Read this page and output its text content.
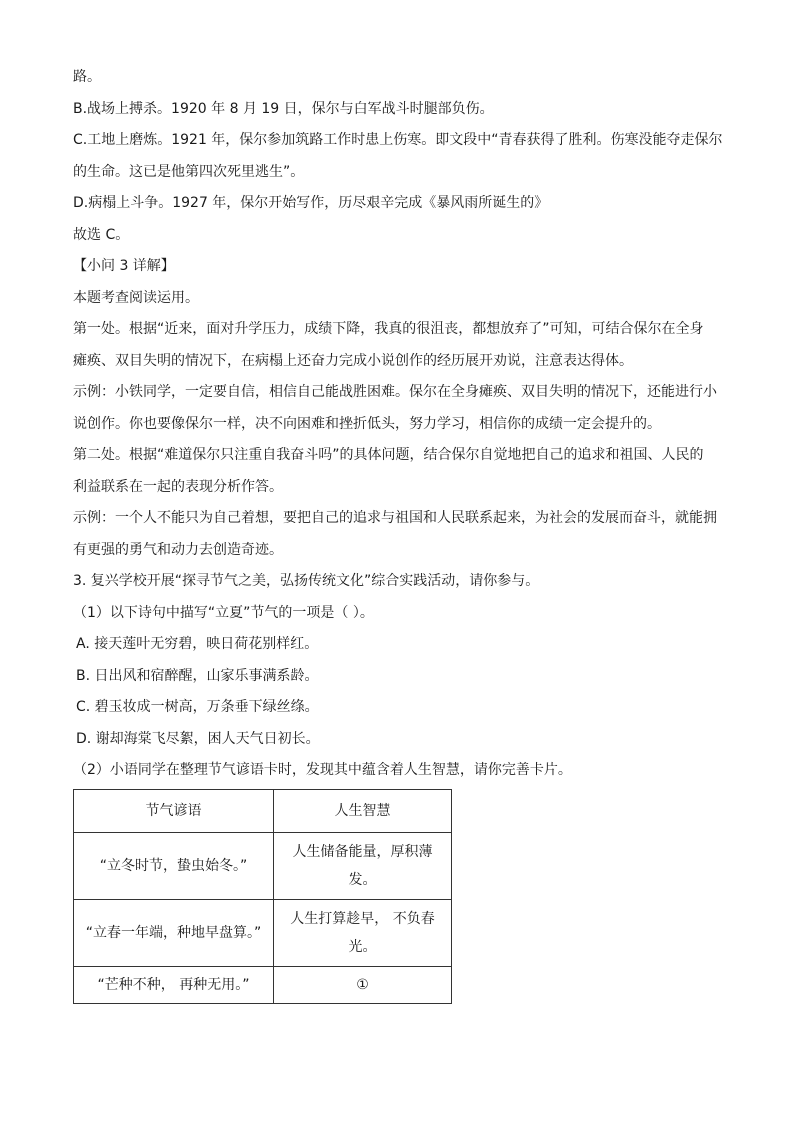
路。
B.战场上搏杀。1920 年 8 月 19 日，保尔与白军战斗时腿部负伤。
C.工地上磨炼。1921 年，保尔参加筑路工作时患上伤寒。即文段中“青春获得了胜利。伤寒没能夺走保尔
的生命。这已是他第四次死里逃生”。
D.病榻上斗争。1927 年，保尔开始写作，历尽艰辛完成《暴风雨所诞生的》
故选 C。
【小问 3 详解】
本题考查阅读运用。
第一处。根据“近来，面对升学压力，成绩下降，我真的很沮丧，都想放弃了”可知，可结合保尔在全身
瘫痪、双目失明的情况下，在病榻上还奋力完成小说创作的经历展开劝说，注意表达得体。
示例：小铁同学，一定要自信，相信自己能战胜困难。保尔在全身瘫痪、双目失明的情况下，还能进行小
说创作。你也要像保尔一样，决不向困难和挫折低头，努力学习，相信你的成绩一定会提升的。
第二处。根据“难道保尔只注重自我奋斗吗”的具体问题，结合保尔自觉地把自己的追求和祖国、人民的
利益联系在一起的表现分析作答。
示例：一个人不能只为自己着想，要把自己的追求与祖国和人民联系起来，为社会的发展而奋斗，就能拥
有更强的勇气和动力去创造奇迹。
3. 复兴学校开展“探寻节气之美，弘扬传统文化”综合实践活动，请你参与。
（1）以下诗句中描写“立夏”节气的一项是（ ）。
A. 接天莲叶无穷碧，映日荷花别样红。
B. 日出风和宿醉醒，山家乐事满系龄。
C. 碧玉妆成一树高，万条垂下绿丝绦。
D. 谢却海棠飞尽絮，困人天气日初长。
（2）小语同学在整理节气谚语卡时，发现其中蕴含着人生智慧，请你完善卡片。
节气谚语	人生智慧
“立冬时节，蛰虫始冬。”	人生储备能量，厚积薄发。
“立春一年端，种地早盘算。”	人生打算趁早， 不负春光。
“芒种不种， 再种无用。”	①
